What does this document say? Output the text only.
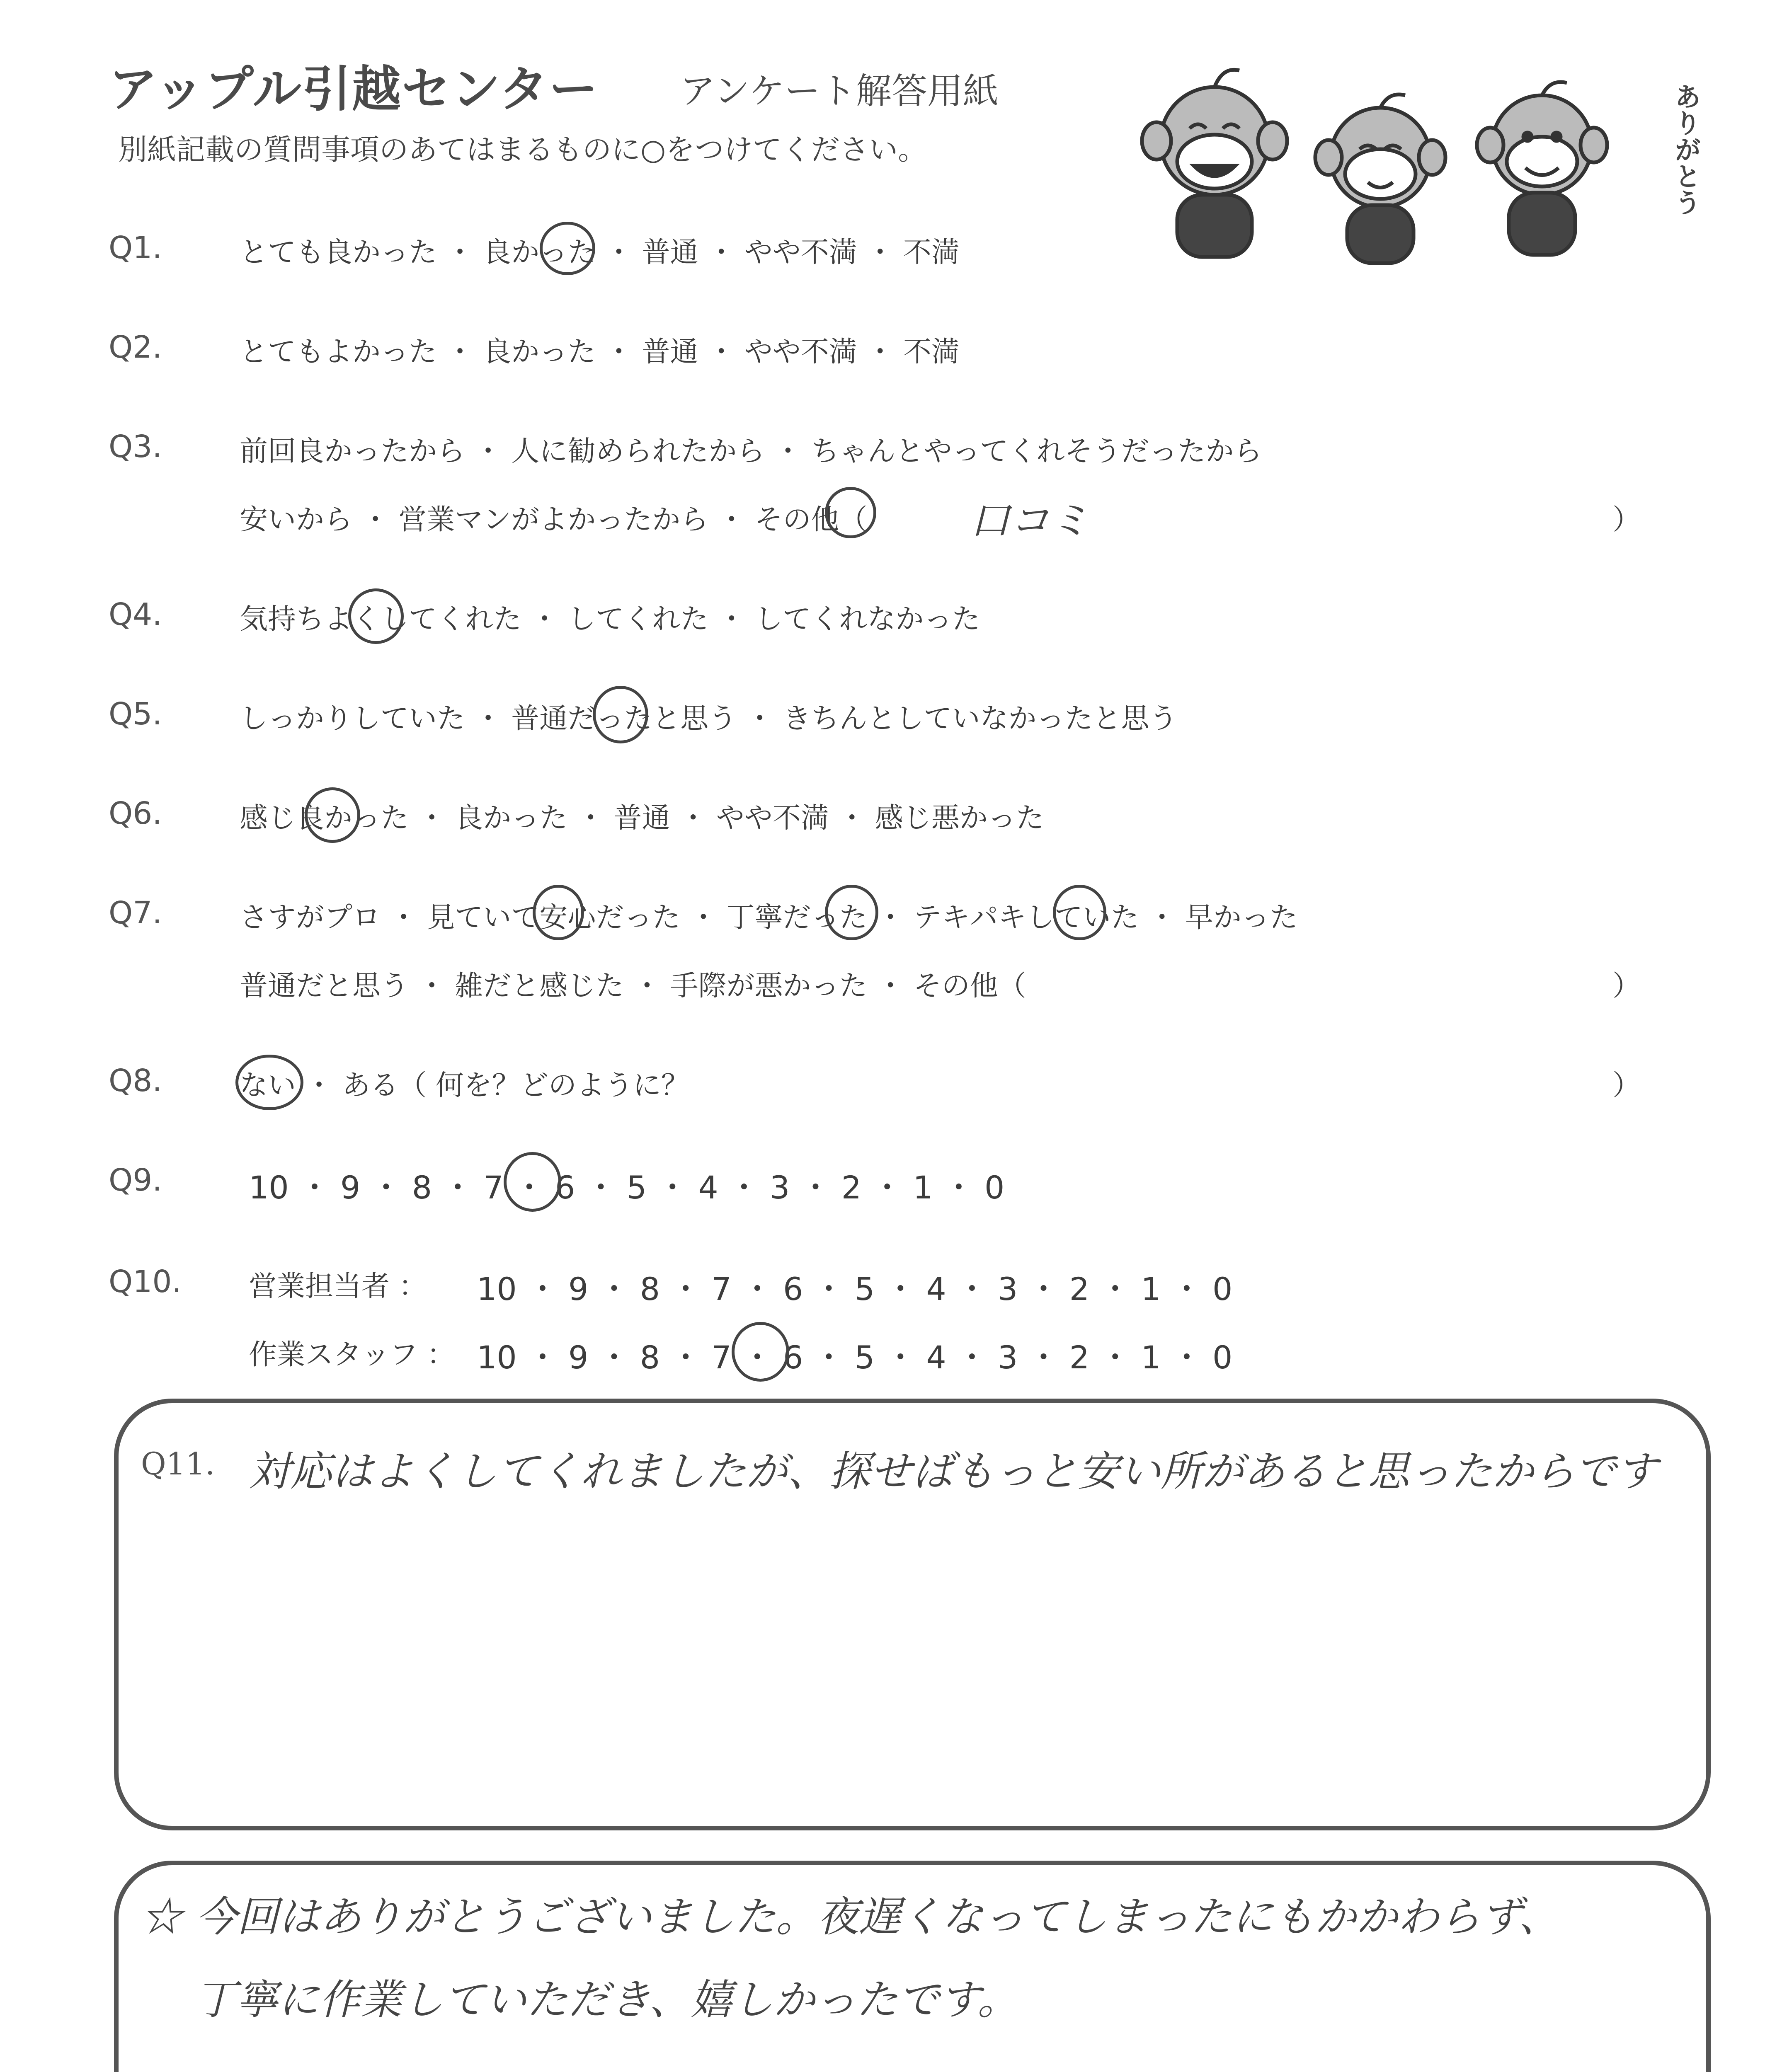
アップル引越センター アンケート解答用紙
別紙記載の質問事項のあてはまるものに○をつけてください。	ありがとう
Q1.	とても良かった ・ 良かった ・ 普通 ・ やや不満 ・ 不満
Q2.	とてもよかった ・ 良かった ・ 普通 ・ やや不満 ・ 不満
Q3.	前回良かったから ・ 人に勧められたから ・ ちゃんとやってくれそうだったから
安いから ・ 営業マンがよかったから ・ その他（	口コミ	）
Q4.	気持ちよくしてくれた ・ してくれた ・ してくれなかった
Q5.	しっかりしていた ・ 普通だったと思う ・ きちんとしていなかったと思う
Q6.	感じ良かった ・ 良かった ・ 普通 ・ やや不満 ・ 感じ悪かった
Q7.	さすがプロ ・ 見ていて安心だった ・ 丁寧だった ・ テキパキしていた ・ 早かった
普通だと思う ・ 雑だと感じた ・ 手際が悪かった ・ その他（	）
Q8.	ない ・ ある（ 何を？どのように？	）
Q9.	10 ・ 9 ・ 8 ・ 7 ・ 6 ・ 5 ・ 4 ・ 3 ・ 2 ・ 1 ・ 0
Q10. 営業担当者 ： 10 ・ 9 ・ 8 ・ 7 ・ 6 ・ 5 ・ 4 ・ 3 ・ 2 ・ 1 ・ 0
作業スタッフ ： 10 ・ 9 ・ 8 ・ 7 ・ 6 ・ 5 ・ 4 ・ 3 ・ 2 ・ 1 ・ 0
Q11. 対応はよくしてくれましたが、探せばもっと安い所があると思ったからです
☆ 今回はありがとうございました。夜遅くなってしまったにもかかわらず、
丁寧に作業していただき、嬉しかったです。
